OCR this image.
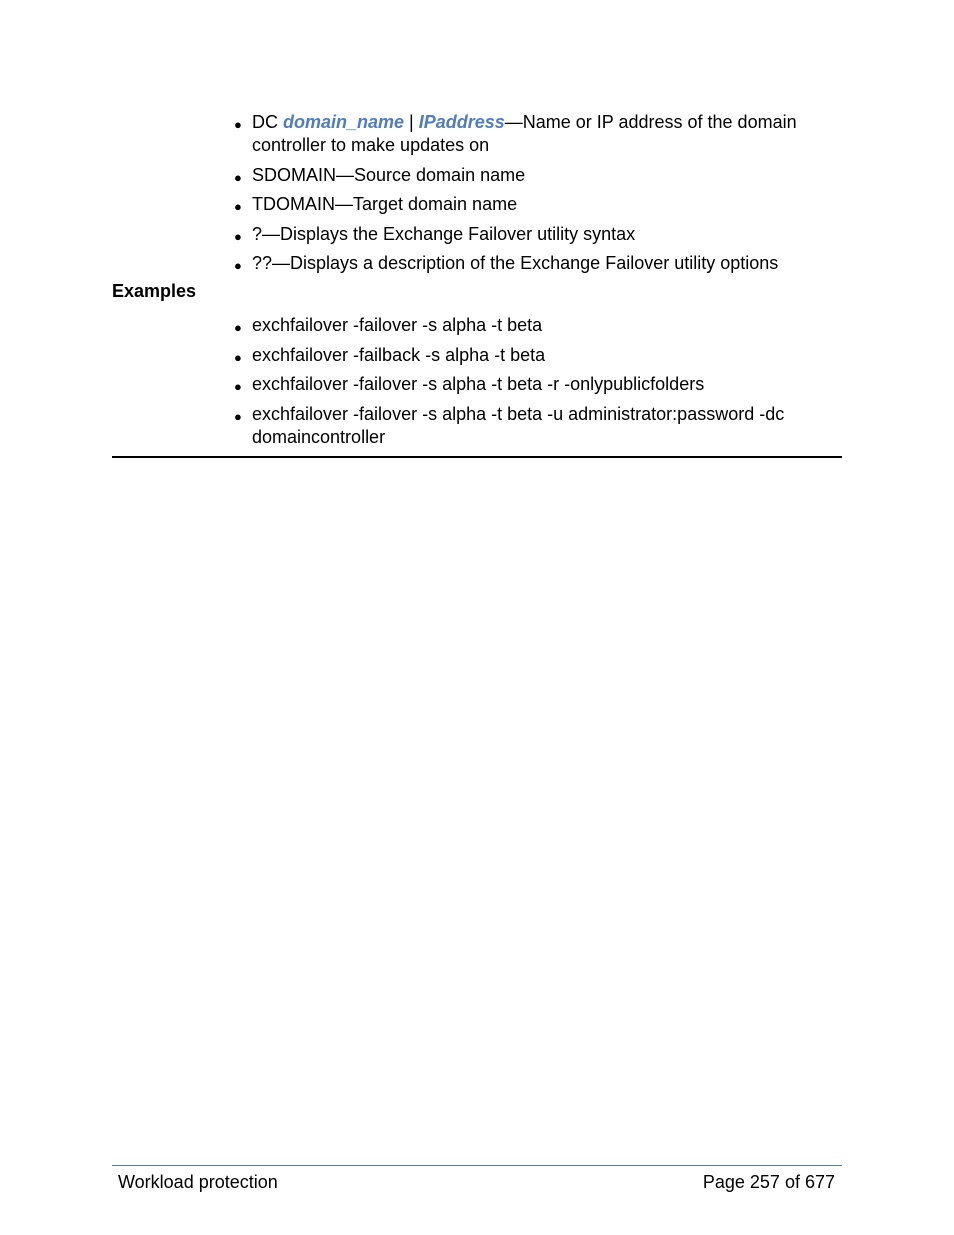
● DC domain_name | IPaddress—Name or IP address of the domain controller to make updates on
● SDOMAIN—Source domain name
● TDOMAIN—Target domain name
● ?—Displays the Exchange Failover utility syntax
● ??—Displays a description of the Exchange Failover utility options
Examples
● exchfailover -failover -s alpha -t beta
● exchfailover -failback -s alpha -t beta
● exchfailover -failover -s alpha -t beta -r -onlypublicfolders
● exchfailover -failover -s alpha -t beta -u administrator:password -dc domaincontroller
Workload protection	Page 257 of 677
